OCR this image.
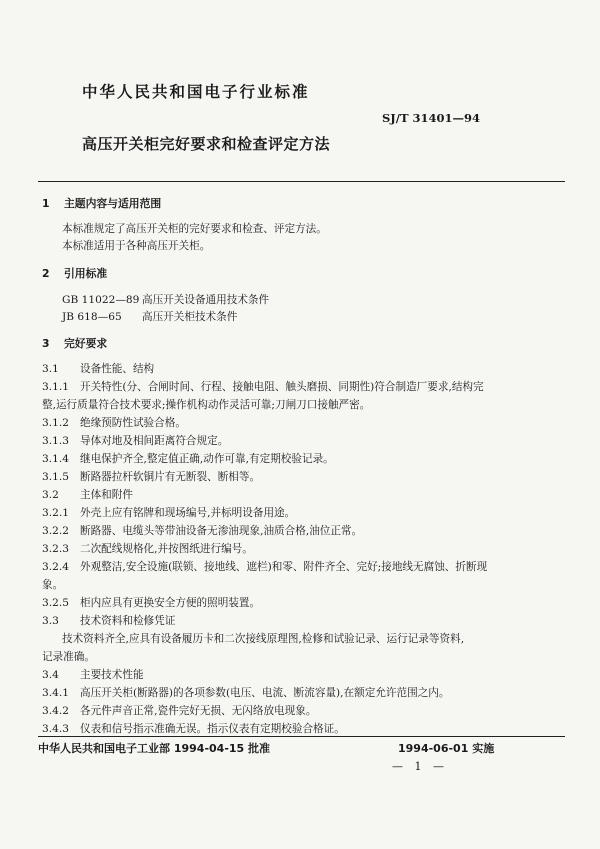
中华人民共和国电子行业标准
SJ/T 31401—94
高压开关柜完好要求和检查评定方法
1 主题内容与适用范围
本标准规定了高压开关柜的完好要求和检查、评定方法。
本标准适用于各种高压开关柜。
2 引用标准
GB 11022—89 高压开关设备通用技术条件
JB 618—65 高压开关柜技术条件
3 完好要求
3.1 设备性能、结构
3.1.1 开关特性(分、合闸时间、行程、接触电阻、触头磨损、同期性)符合制造厂要求,结构完
整,运行质量符合技术要求;操作机构动作灵活可靠;刀闸刀口接触严密。
3.1.2 绝缘预防性试验合格。
3.1.3 导体对地及相间距离符合规定。
3.1.4 继电保护齐全,整定值正确,动作可靠,有定期校验记录。
3.1.5 断路器拉杆软铜片有无断裂、断相等。
3.2 主体和附件
3.2.1 外壳上应有铭牌和现场编号,并标明设备用途。
3.2.2 断路器、电缆头等带油设备无渗油现象,油质合格,油位正常。
3.2.3 二次配线规格化,并按图纸进行编号。
3.2.4 外观整洁,安全设施(联锁、接地线、遮栏)和零、附件齐全、完好;接地线无腐蚀、折断现
象。
3.2.5 柜内应具有更换安全方便的照明装置。
3.3 技术资料和检修凭证
技术资料齐全,应具有设备履历卡和二次接线原理图,检修和试验记录、运行记录等资料,
记录准确。
3.4 主要技术性能
3.4.1 高压开关柜(断路器)的各项参数(电压、电流、断流容量),在额定允许范围之内。
3.4.2 各元件声音正常,瓷件完好无损、无闪络放电现象。
3.4.3 仪表和信号指示准确无误。指示仪表有定期校验合格证。
中华人民共和国电子工业部 1994-04-15 批准	1994-06-01 实施
— 1 —
